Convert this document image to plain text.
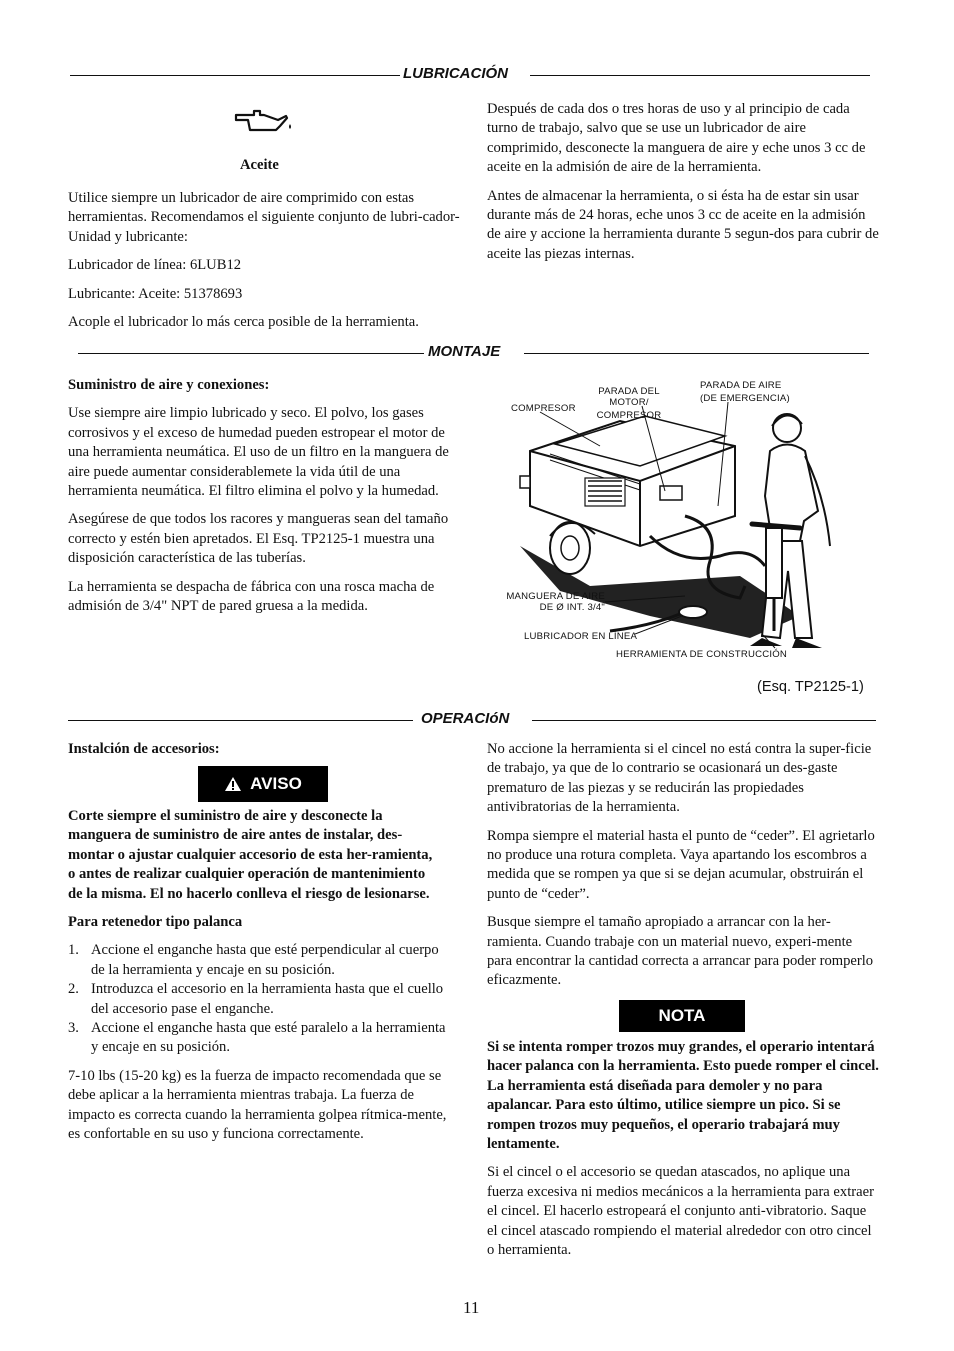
LUBRICACIÓN
Aceite

Utilice siempre un lubricador de aire comprimido con estas herramientas. Recomendamos el siguiente conjunto de lubri-cador-Unidad y lubricante:

Lubricador de línea: 6LUB12

Lubricante: Aceite: 51378693

Acople el lubricador lo más cerca posible de la herramienta.

Después de cada dos o tres horas de uso y al principio de cada turno de trabajo, salvo que se use un lubricador de aire comprimido, desconecte la manguera de aire y eche unos 3 cc de aceite en la admisión de aire de la herramienta.

Antes de almacenar la herramienta, o si ésta ha de estar sin usar durante más de 24 horas, eche unos 3 cc de aceite en la admisión de aire y accione la herramienta durante 5 segun-dos para cubrir de aceite las piezas internas.

MONTAJE

Suministro de aire y conexiones:

Use siempre aire limpio lubricado y seco. El polvo, los gases corrosivos y el exceso de humedad pueden estropear el motor de una herramienta neumática. El uso de un filtro en la manguera de aire puede aumentar considerablemete la vida útil de una herramienta neumática. El filtro elimina el polvo y la humedad.

Asegúrese de que todos los racores y mangueras sean del tamaño correcto y estén bien apretados. El Esq. TP2125-1 muestra una disposición característica de las tuberías.

La herramienta se despacha de fábrica con una rosca macha de admisión de 3/4" NPT de pared gruesa a la medida.

COMPRESOR
PARADA DEL MOTOR/
COMPRESOR
PARADA DE AIRE
(DE EMERGENCIA)
MANGUERA DE AIRE
DE Ø INT. 3/4"
LUBRICADOR EN LÍNEA
HERRAMIENTA DE CONSTRUCCIÓN
(Esq. TP2125-1)
OPERACIóN

Instalción de accesorios:

AVISO

Corte siempre el suministro de aire y desconecte la manguera de suministro de aire antes de instalar, des-montar o ajustar cualquier accesorio de esta her-ramienta, o antes de realizar cualquier operación de mantenimiento de la misma. El no hacerlo conlleva el riesgo de lesionarse.

Para retenedor tipo palanca

1. Accione el enganche hasta que esté perpendicular al cuerpo de la herramienta y encaje en su posición.
2. Introduzca el accesorio en la herramienta hasta que el cuello del accesorio pase el enganche.
3. Accione el enganche hasta que esté paralelo a la herramienta y encaje en su posición.

7-10 lbs (15-20 kg) es la fuerza de impacto recomendada que se debe aplicar a la herramienta mientras trabaja. La fuerza de impacto es correcta cuando la herramienta golpea rítmica-mente, es confortable en su uso y funciona correctamente.

No accione la herramienta si el cincel no está contra la super-ficie de trabajo, ya que de lo contrario se ocasionará un des-gaste prematuro de las piezas y se reducirán las propiedades antivibratorias de la herramienta.

Rompa siempre el material hasta el punto de “ceder”. El agrietarlo no produce una rotura completa. Vaya apartando los escombros a medida que se rompen ya que si se dejan acumular, obstruirán el punto de “ceder”.

Busque siempre el tamaño apropiado a arrancar con la her-ramienta. Cuando trabaje con un material nuevo, experi-mente para encontrar la cantidad correcta a arrancar para poder romperlo eficazmente.

NOTA

Si se intenta romper trozos muy grandes, el operario intentará hacer palanca con la herramienta. Esto puede romper el cincel. La herramienta está diseñada para demoler y no para apalancar. Para esto último, utilice siempre un pico. Si se rompen trozos muy pequeños, el operario trabajará muy lentamente.

Si el cincel o el accesorio se quedan atascados, no aplique una fuerza excesiva ni medios mecánicos a la herramienta para extraer el cincel. El hacerlo estropeará el conjunto anti-vibratorio. Saque el cincel atascado rompiendo el material alrededor con otro cincel o herramienta.

11
